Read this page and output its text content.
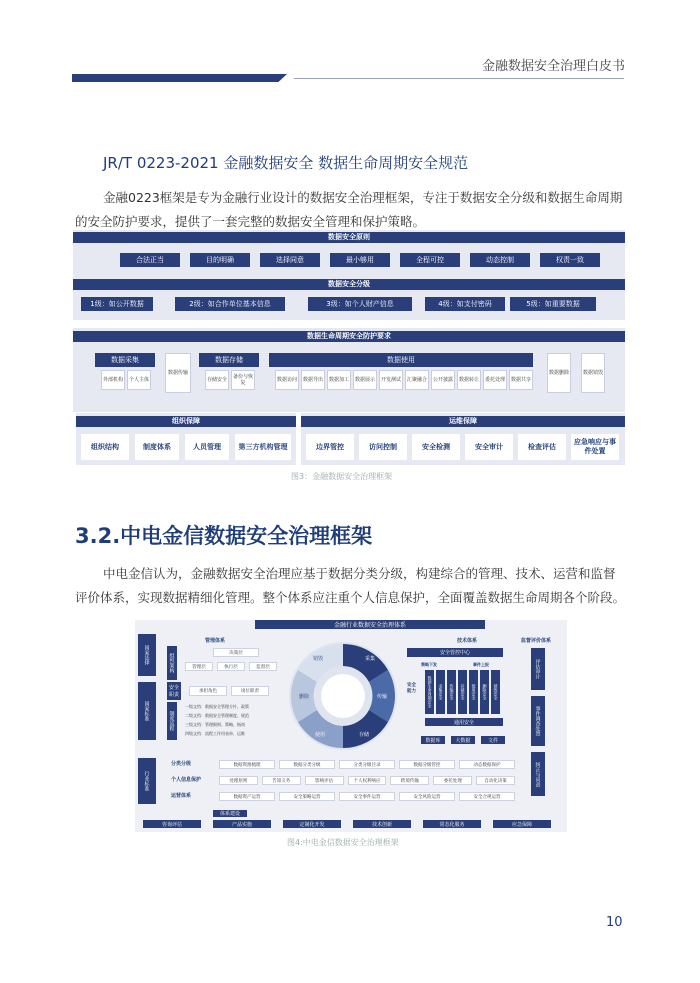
金融数据安全治理白皮书
JR/T 0223-2021 金融数据安全 数据生命周期安全规范
金融0223框架是专为金融行业设计的数据安全治理框架，专注于数据安全分级和数据生命周期的安全防护要求，提供了一套完整的数据安全管理和保护策略。
数据安全原则
数据安全分级
数据生命周期安全防护要求
数据采集
外部机构	个人主体
数据传输
数据存储
存储安全	备份与恢复
数据使用
数据删除	数据销毁
组织保障	运维保障
合法正当	目的明确	选择同意	最小够用	全程可控	动态控制	权责一致
1级：如公开数据	2级：如合作单位基本信息	3级：如个人财产信息	4级：如支付密码	5级：如重要数据
数据访问	数据导出	数据加工	数据展示	开发测试	汇聚融合	公开披露	数据转让	委托处理	数据共享
组织结构	制度体系	人员管理	第三方机构管理	边界管控	访问控制	安全检测	安全审计	检查评估
应急响应与事件处置
图3：金融数据安全治理框架
3.2.中电金信数据安全治理框架
中电金信认为，金融数据安全治理应基于数据分类分级，构建综合的管理、技术、运营和监督评价体系，实现数据精细化管理。整个体系应注重个人信息保护，全面覆盖数据生命周期各个阶段。
金融行业数据安全治理体系
国家法律
国家标准
行业标准
管理体系
组织架构	决策层
管理层	执行层	监督层
安全职责
承担角色	岗位职责
制度流程
采集
传输
存储
使用
删除
销毁
技术体系
安全管控中心
策略下发	事件上报
安全能力
通用安全
监督评价体系
评估审计
事件调查处置
纠正与问责
体系建设
一级文档：数据安全管理方针、政策
二级文档：数据安全管理制度、规范
三级文档：管理细则、策略、指南
四级文档：流程工作用表单、运维
数据生命周期安全	采集安全	传输安全	存储安全	使用安全	删除安全	销毁安全
数据库	大数据	文件
分类分级	数据资源梳理	数据分类分级	分类分级目录	数据分级管控	动态数据保护
个人信息保护	处理原则	告知义务	影响评估	个人权利响应	跨境传输	委托处理	自动化决策
运营体系	数据资产运营	安全策略运营	安全事件运营	安全风险运营	安全合规运营
咨询评估	产品实施	定制化开发	技术创新	常态化服务	应急保障
图4:中电金信数据安全治理框架
10
